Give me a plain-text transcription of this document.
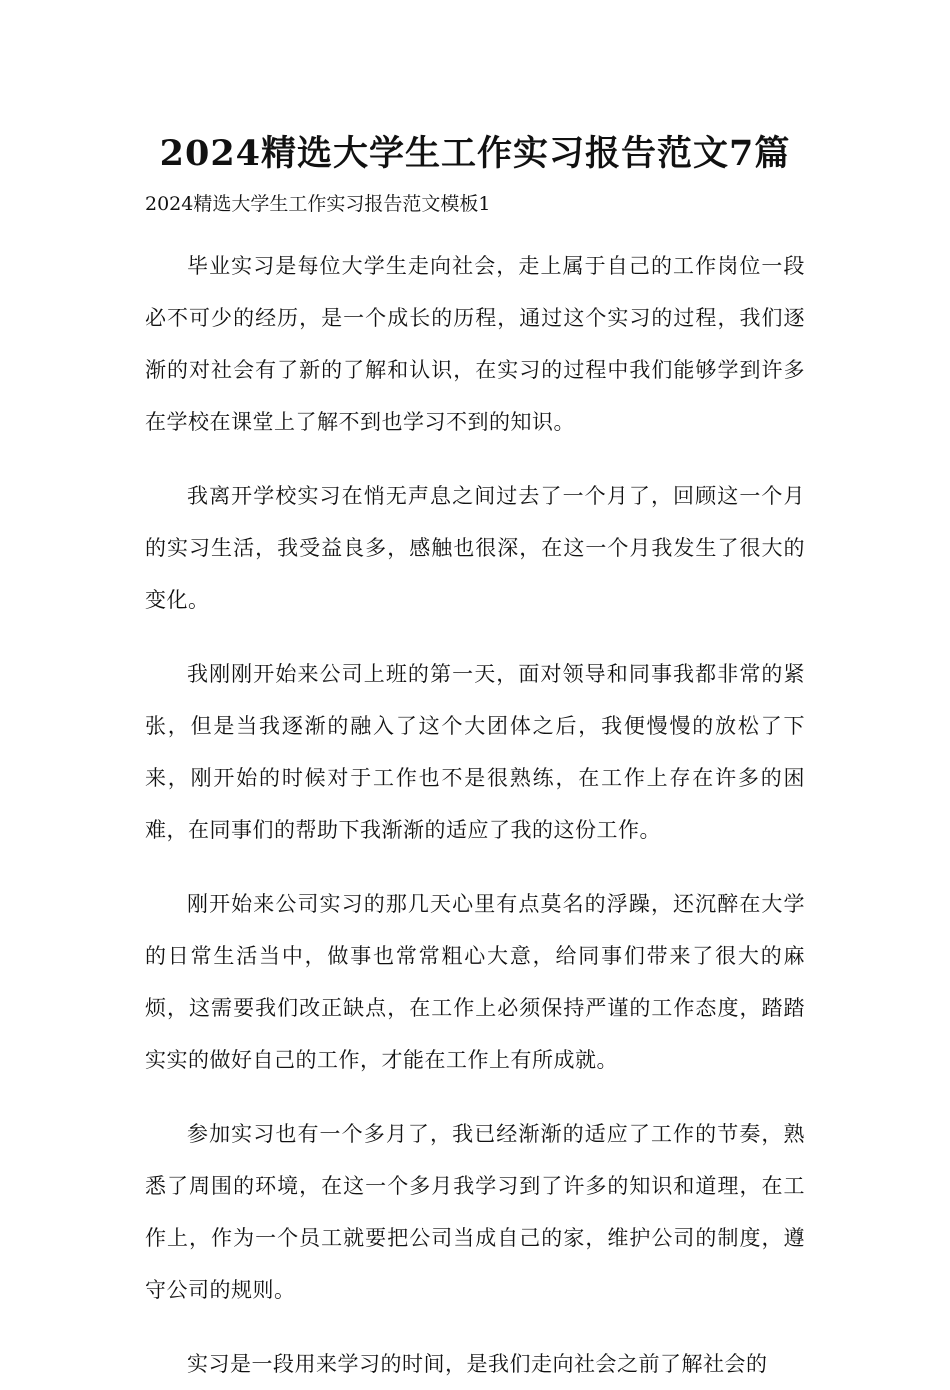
2024精选大学生工作实习报告范文7篇
2024精选大学生工作实习报告范文模板1

毕业实习是每位大学生走向社会，走上属于自己的工作岗位一段必不可少的经历，是一个成长的历程，通过这个实习的过程，我们逐渐的对社会有了新的了解和认识，在实习的过程中我们能够学到许多在学校在课堂上了解不到也学习不到的知识。

我离开学校实习在悄无声息之间过去了一个月了，回顾这一个月的实习生活，我受益良多，感触也很深，在这一个月我发生了很大的变化。

我刚刚开始来公司上班的第一天，面对领导和同事我都非常的紧张，但是当我逐渐的融入了这个大团体之后，我便慢慢的放松了下来，刚开始的时候对于工作也不是很熟练，在工作上存在许多的困难，在同事们的帮助下我渐渐的适应了我的这份工作。

刚开始来公司实习的那几天心里有点莫名的浮躁，还沉醉在大学的日常生活当中，做事也常常粗心大意，给同事们带来了很大的麻烦，这需要我们改正缺点，在工作上必须保持严谨的工作态度，踏踏实实的做好自己的工作，才能在工作上有所成就。

参加实习也有一个多月了，我已经渐渐的适应了工作的节奏，熟悉了周围的环境，在这一个多月我学习到了许多的知识和道理，在工作上，作为一个员工就要把公司当成自己的家，维护公司的制度，遵守公司的规则。

实习是一段用来学习的时间，是我们走向社会之前了解社会的
